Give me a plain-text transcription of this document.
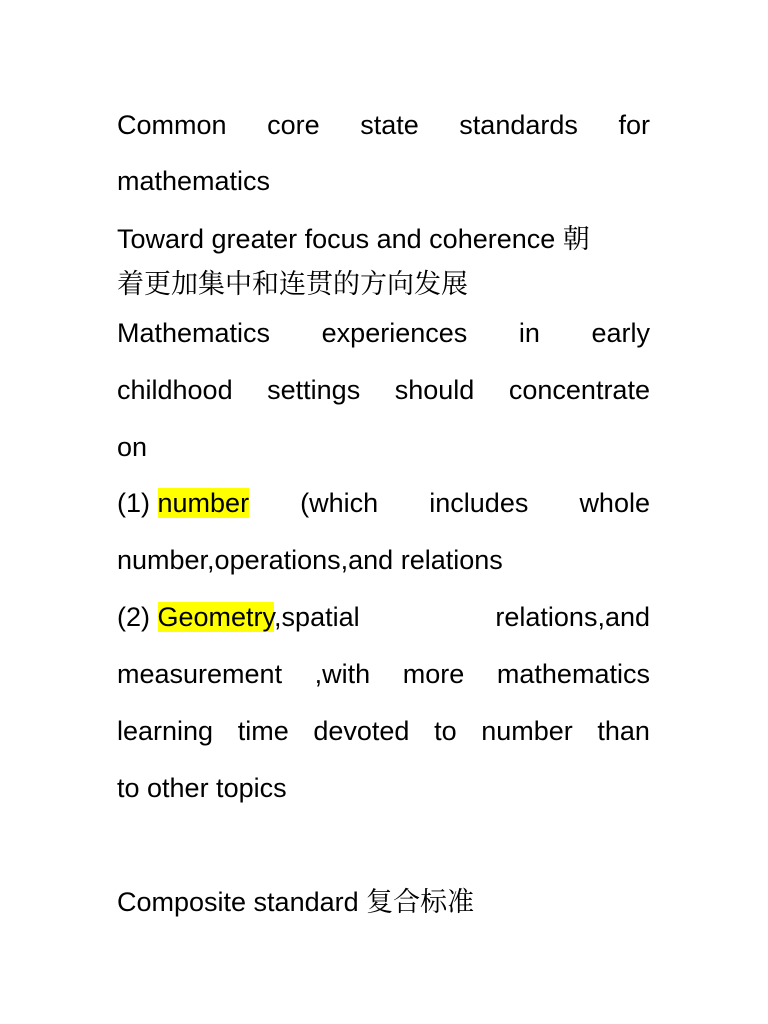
Common core state standards for
mathematics
Toward greater focus and coherence 朝
着更加集中和连贯的方向发展
Mathematics experiences in early
childhood settings should concentrate
on
(1) number (which includes whole
number,operations,and relations
(2) Geometry,spatial	relations,and
measurement ,with more mathematics
learning time devoted to number than
to other topics
Composite standard 复合标准
